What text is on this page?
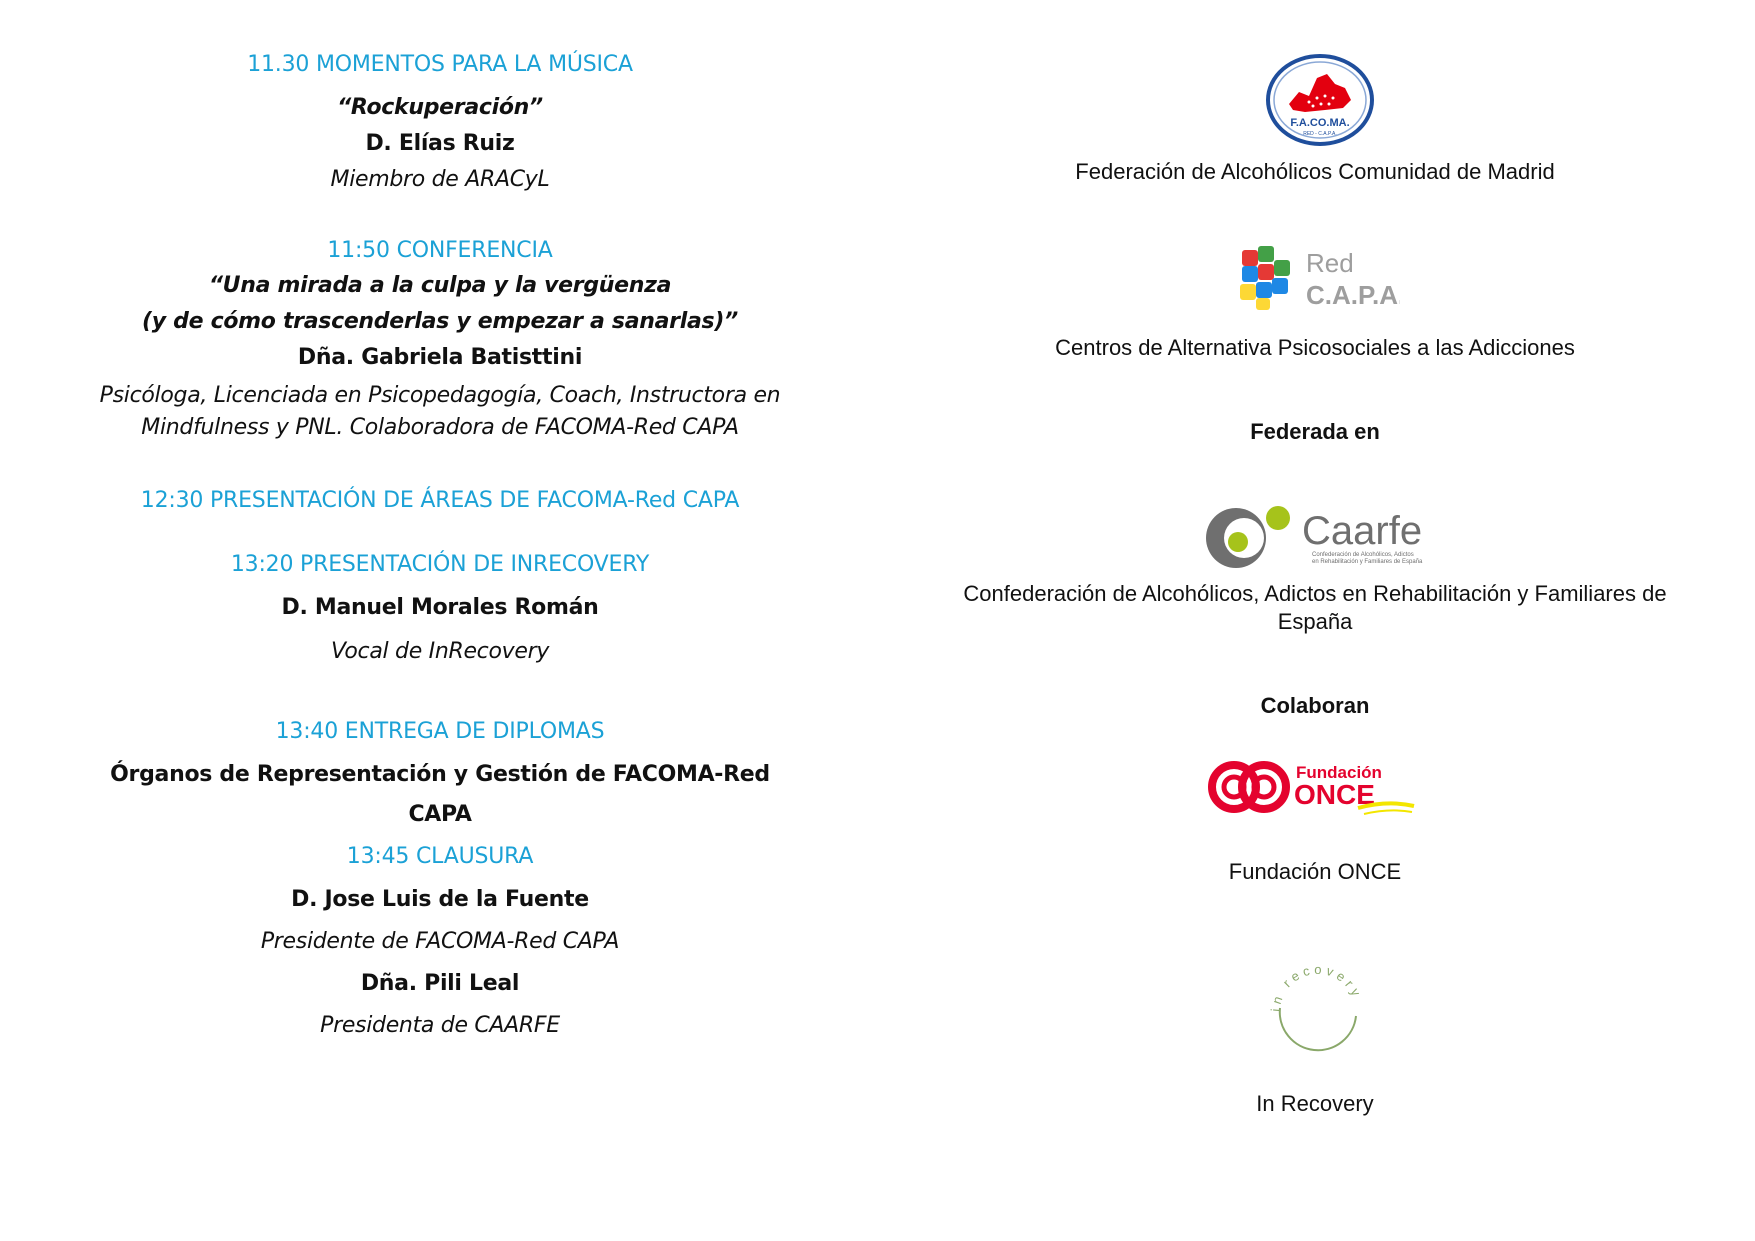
11.30 MOMENTOS PARA LA MÚSICA
“Rockuperación”
D. Elías Ruiz
Miembro de ARACyL
11:50 CONFERENCIA
“Una mirada a la culpa y la vergüenza
(y de cómo trascenderlas y empezar a sanarlas)”
Dña. Gabriela Batisttini
Psicóloga, Licenciada en Psicopedagogía, Coach, Instructora en
Mindfulness y PNL. Colaboradora de FACOMA-Red CAPA
12:30 PRESENTACIÓN DE ÁREAS DE FACOMA-Red CAPA
13:20 PRESENTACIÓN DE INRECOVERY
D. Manuel Morales Román
Vocal de InRecovery
13:40 ENTREGA DE DIPLOMAS
Órganos de Representación y Gestión de FACOMA-Red CAPA
13:45 CLAUSURA
D. Jose Luis de la Fuente
Presidente de FACOMA-Red CAPA
Dña. Pili Leal
Presidenta de CAARFE
F.A.CO.MA.
RED - C.A.P.A.
Federación de Alcohólicos Comunidad de Madrid
Red
C.A.P.A.
Centros de Alternativa Psicosociales a las Adicciones
Federada en
Caarfe
Confederación de Alcohólicos, Adictos
en Rehabilitación y Familiares de España
Confederación de Alcohólicos, Adictos en Rehabilitación y Familiares de
España
Colaboran
Fundación
ONCE
Fundación ONCE
in recovery
In Recovery
